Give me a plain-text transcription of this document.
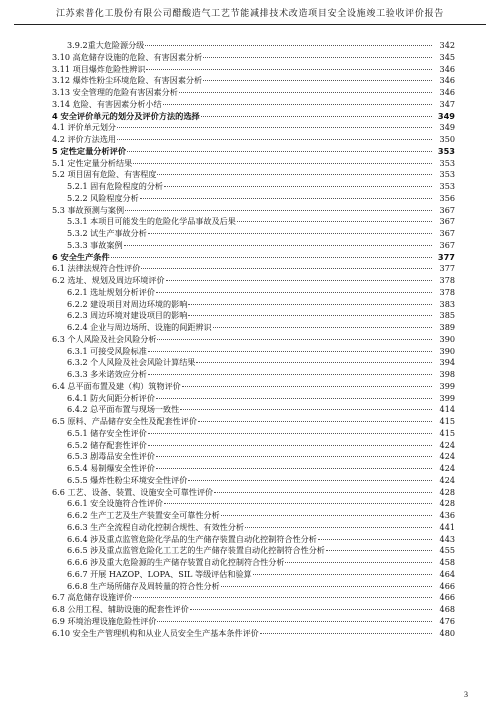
江苏索普化工股份有限公司醋酸造气工艺节能减排技术改造项目安全设施竣工验收评价报告
3.9.2重大危险源分级	342
3.10 高危储存设施的危险、有害因素分析	345
3.11 项目爆炸危险性辨识	346
3.12 爆炸性粉尘环境危险、有害因素分析	346
3.13 安全管理的危险有害因素分析	346
3.14 危险、有害因素分析小结	347
4 安全评价单元的划分及评价方法的选择	349
4.1 评价单元划分	349
4.2 评价方法选用	350
5 定性定量分析评价	353
5.1 定性定量分析结果	353
5.2 项目固有危险、有害程度	353
5.2.1 固有危险程度的分析	353
5.2.2 风险程度分析	356
5.3 事故预测与案例	367
5.3.1 本项目可能发生的危险化学品事故及后果	367
5.3.2 试生产事故分析	367
5.3.3 事故案例	367
6 安全生产条件	377
6.1 法律法规符合性评价	377
6.2 选址、规划及周边环境评价	378
6.2.1 选址规划分析评价	378
6.2.2 建设项目对周边环境的影响	383
6.2.3 周边环境对建设项目的影响	385
6.2.4 企业与周边场所、设施的间距辨识	389
6.3 个人风险及社会风险分析	390
6.3.1 可接受风险标准	390
6.3.2 个人风险及社会风险计算结果	394
6.3.3 多米诺效应分析	398
6.4 总平面布置及建（构）筑物评价	399
6.4.1 防火间距分析评价	399
6.4.2 总平面布置与现场一致性	414
6.5 原料、产品储存安全性及配套性评价	415
6.5.1 储存安全性评价	415
6.5.2 储存配套性评价	424
6.5.3 剧毒品安全性评价	424
6.5.4 易制爆安全性评价	424
6.5.5 爆炸性粉尘环境安全性评价	424
6.6 工艺、设备、装置、设施安全可靠性评价	428
6.6.1 安全设施符合性评价	428
6.6.2 生产工艺及生产装置安全可靠性分析	436
6.6.3 生产全流程自动化控制合规性、有效性分析	441
6.6.4 涉及重点监管危险化学品的生产储存装置自动化控制符合性分析	443
6.6.5 涉及重点监管危险化工工艺的生产储存装置自动化控制符合性分析	455
6.6.6 涉及重大危险源的生产储存装置自动化控制符合性分析	458
6.6.7 开展 HAZOP、LOPA、SIL 等级评估和验算	464
6.6.8 生产场所储存及周转量的符合性分析	466
6.7 高危储存设施评价	466
6.8 公用工程、辅助设施的配套性评价	468
6.9 环境治理设施危险性评价	476
6.10 安全生产管理机构和从业人员安全生产基本条件评价	480
3
